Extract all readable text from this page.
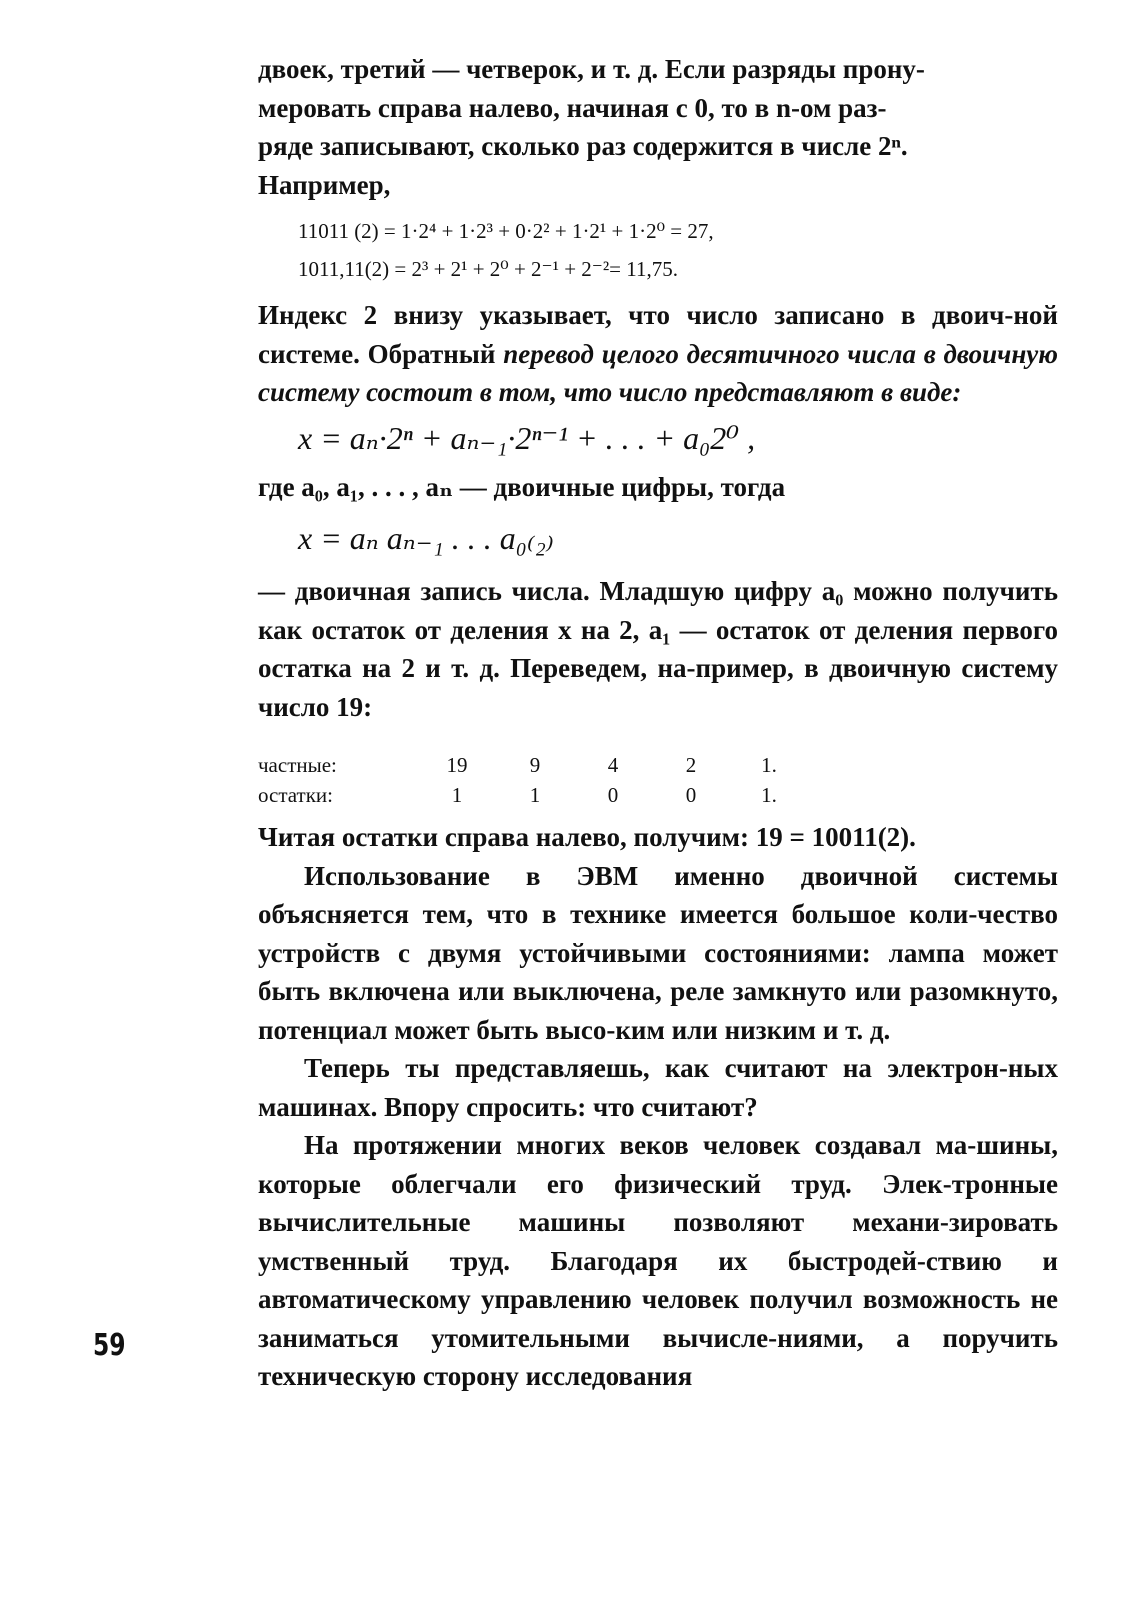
двоек, третий — четверок, и т. д. Если разряды прону-
меровать справа налево, начиная с 0, то в n-ом раз-
ряде записывают, сколько раз содержится в числе 2ⁿ.
Например,

11011 (2) = 1·2⁴ + 1·2³ + 0·2² + 1·2¹ + 1·2⁰ = 27,
1011,11(2) = 2³ + 2¹ + 2⁰ + 2⁻¹ + 2⁻²= 11,75.

Индекс 2 внизу указывает, что число записано в двоич-ной системе. Обратный перевод целого десятичного числа в двоичную систему состоит в том, что число представляют в виде:

x = aₙ·2ⁿ + aₙ₋₁·2ⁿ⁻¹ + . . . + a₀2⁰ ,
где a₀, a₁, . . . , aₙ — двоичные цифры, тогда
x = aₙ aₙ₋₁ . . . a₀₍₂₎

— двоичная запись числа. Младшую цифру a₀ можно получить как остаток от деления x на 2, a₁ — остаток от деления первого остатка на 2 и т. д. Переведем, на-пример, в двоичную систему число 19:

частные:	19	9	4	2	1.
остатки:	1	1	0	0	1.

Читая остатки справа налево, получим: 19 = 10011(2).

Использование в ЭВМ именно двоичной системы объясняется тем, что в технике имеется большое коли-чество устройств с двумя устойчивыми состояниями: лампа может быть включена или выключена, реле замкнуто или разомкнуто, потенциал может быть высо-ким или низким и т. д.

Теперь ты представляешь, как считают на электрон-ных машинах. Впору спросить: что считают?

На протяжении многих веков человек создавал ма-шины, которые облегчали его физический труд. Элек-тронные вычислительные машины позволяют механи-зировать умственный труд. Благодаря их быстродей-ствию и автоматическому управлению человек получил возможность не заниматься утомительными вычисле-ниями, а поручить техническую сторону исследования

59
